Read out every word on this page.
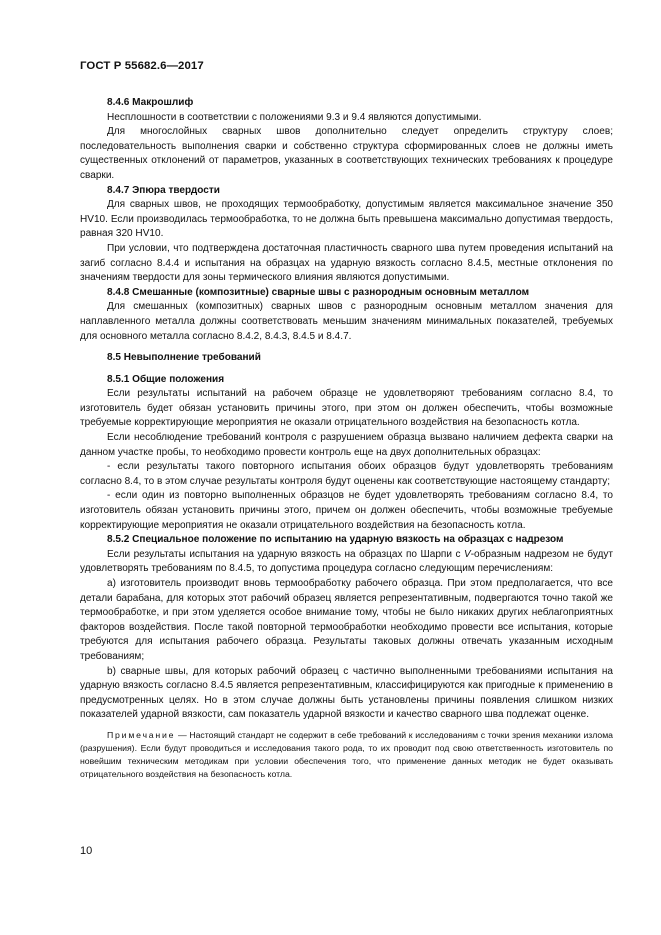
ГОСТ Р 55682.6—2017
8.4.6 Макрошлиф

Несплошности в соответствии с положениями 9.3 и 9.4 являются допустимыми.

Для многослойных сварных швов дополнительно следует определить структуру слоев; последовательность выполнения сварки и собственно структура сформированных слоев не должны иметь существенных отклонений от параметров, указанных в соответствующих технических требованиях к процедуре сварки.

8.4.7 Эпюра твердости

Для сварных швов, не проходящих термообработку, допустимым является максимальное значение 350 HV10. Если производилась термообработка, то не должна быть превышена максимально допустимая твердость, равная 320 HV10.

При условии, что подтверждена достаточная пластичность сварного шва путем проведения испытаний на загиб согласно 8.4.4 и испытания на образцах на ударную вязкость согласно 8.4.5, местные отклонения по значениям твердости для зоны термического влияния являются допустимыми.

8.4.8 Смешанные (композитные) сварные швы с разнородным основным металлом

Для смешанных (композитных) сварных швов с разнородным основным металлом значения для наплавленного металла должны соответствовать меньшим значениям минимальных показателей, требуемых для основного металла согласно 8.4.2, 8.4.3, 8.4.5 и 8.4.7.

8.5 Невыполнение требований
8.5.1 Общие положения

Если результаты испытаний на рабочем образце не удовлетворяют требованиям согласно 8.4, то изготовитель будет обязан установить причины этого, при этом он должен обеспечить, чтобы возможные требуемые корректирующие мероприятия не оказали отрицательного воздействия на безопасность котла.

Если несоблюдение требований контроля с разрушением образца вызвано наличием дефекта сварки на данном участке пробы, то необходимо провести контроль еще на двух дополнительных образцах:

- если результаты такого повторного испытания обоих образцов будут удовлетворять требованиям согласно 8.4, то в этом случае результаты контроля будут оценены как соответствующие настоящему стандарту;

- если один из повторно выполненных образцов не будет удовлетворять требованиям согласно 8.4, то изготовитель обязан установить причины этого, причем он должен обеспечить, чтобы возможные требуемые корректирующие мероприятия не оказали отрицательного воздействия на безопасность котла.

8.5.2 Специальное положение по испытанию на ударную вязкость на образцах с надрезом

Если результаты испытания на ударную вязкость на образцах по Шарпи с V-образным надрезом не будут удовлетворять требованиям по 8.4.5, то допустима процедура согласно следующим перечислениям:

a) изготовитель производит вновь термообработку рабочего образца. При этом предполагается, что все детали барабана, для которых этот рабочий образец является репрезентативным, подвергаются точно такой же термообработке, и при этом уделяется особое внимание тому, чтобы не было никаких других неблагоприятных факторов воздействия. После такой повторной термообработки необходимо провести все испытания, которые требуются для испытания рабочего образца. Результаты таковых должны отвечать указанным исходным требованиям;

b) сварные швы, для которых рабочий образец с частично выполненными требованиями испытания на ударную вязкость согласно 8.4.5 является репрезентативным, классифицируются как пригодные к применению в предусмотренных целях. Но в этом случае должны быть установлены причины появления слишком низких показателей ударной вязкости, сам показатель ударной вязкости и качество сварного шва подлежат оценке.

Примечание — Настоящий стандарт не содержит в себе требований к исследованиям с точки зрения механики излома (разрушения). Если будут проводиться и исследования такого рода, то их проводит под свою ответственность изготовитель по новейшим техническим методикам при условии обеспечения того, что применение данных методик не будет оказывать отрицательного воздействия на безопасность котла.

10
